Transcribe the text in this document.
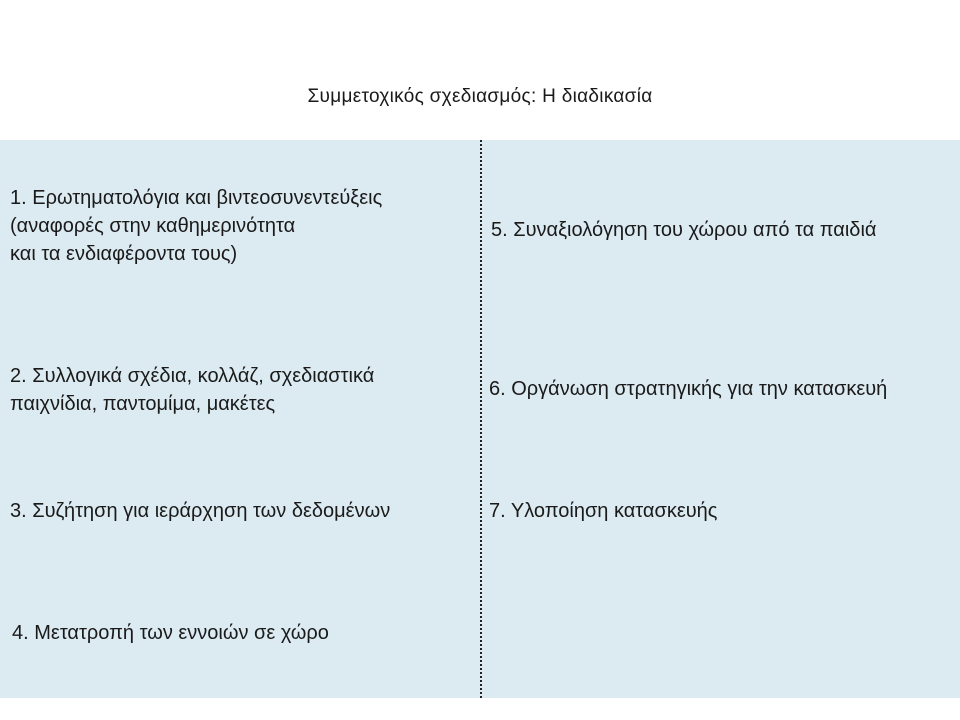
Συμμετοχικός σχεδιασμός: Η διαδικασία
1. Ερωτηματολόγια και βιντεοσυνεντεύξεις
(αναφορές στην καθημερινότητα
και τα ενδιαφέροντα τους)
2. Συλλογικά σχέδια, κολλάζ, σχεδιαστικά
παιχνίδια, παντομίμα, μακέτες
3. Συζήτηση για ιεράρχηση των δεδομένων
4. Μετατροπή των εννοιών σε χώρο
5. Συναξιολόγηση του χώρου από τα παιδιά
6. Οργάνωση στρατηγικής για την κατασκευή
7. Υλοποίηση κατασκευής
